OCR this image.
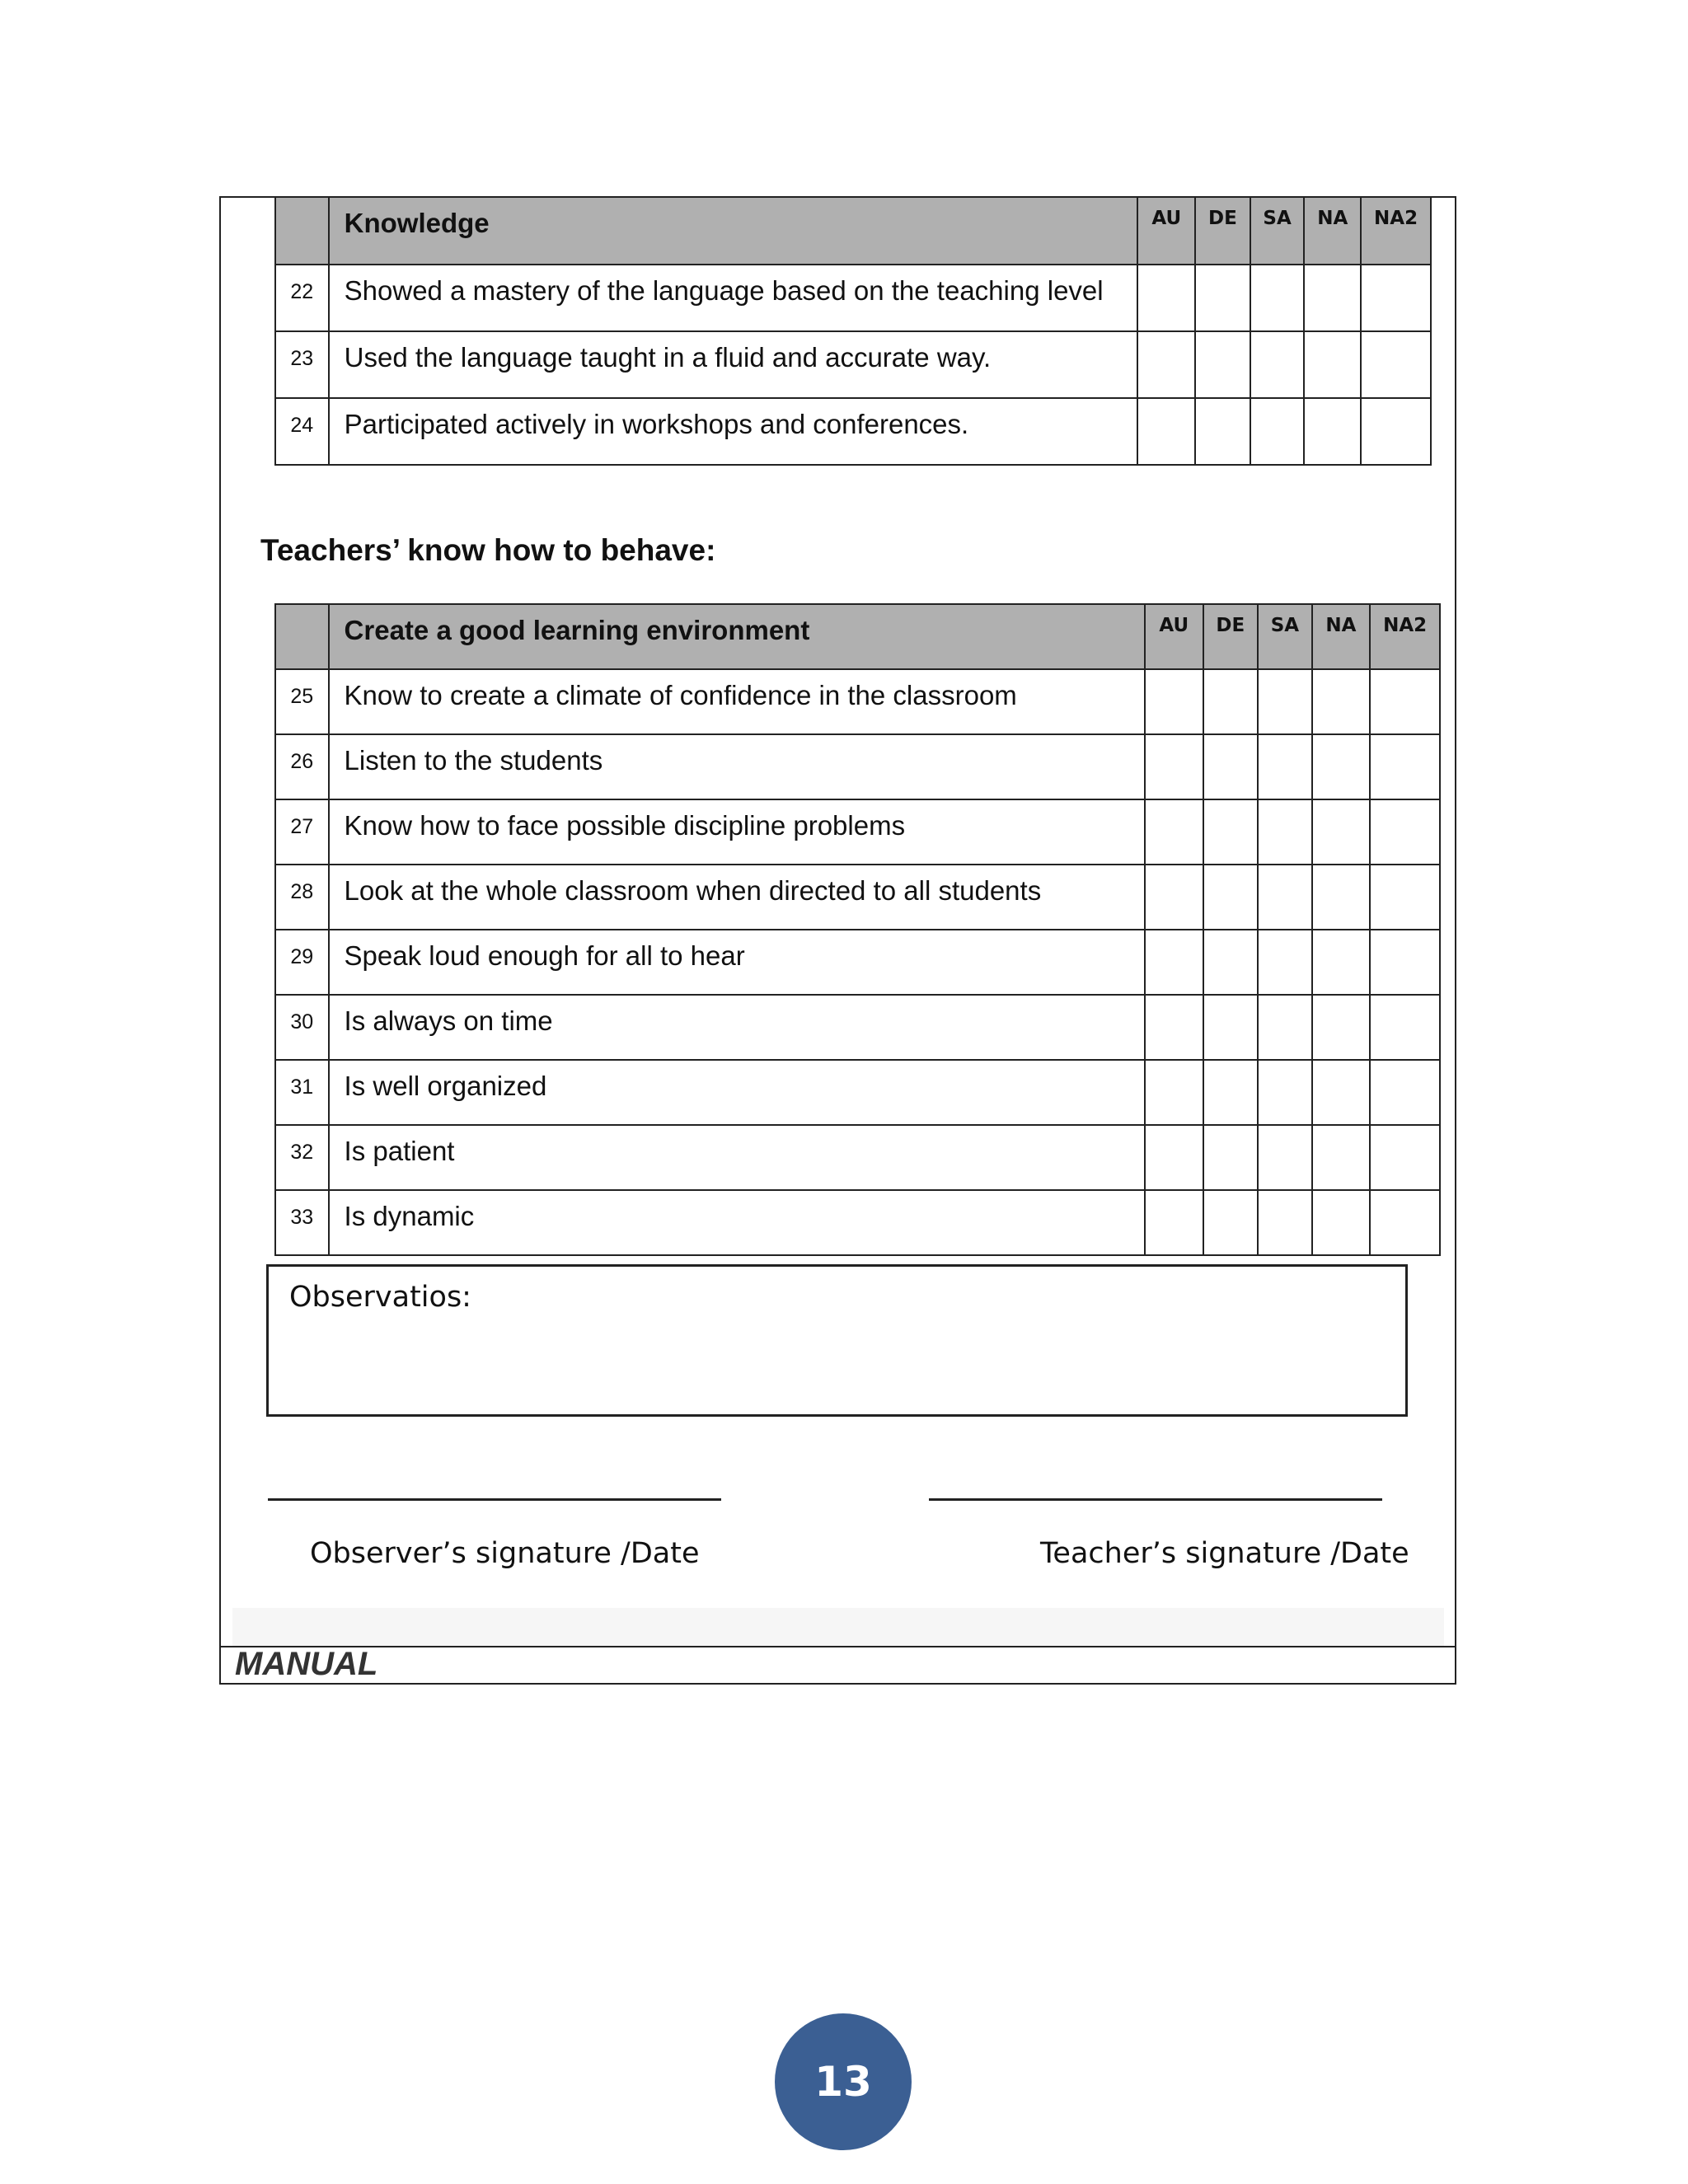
	Knowledge	AU	DE	SA	NA	NA2
22	Showed a mastery of the language based on the teaching level					
23	Used the language taught in a fluid and accurate way.					
24	Participated actively in workshops and conferences.					
Teachers’ know how to behave:
	Create a good learning environment	AU	DE	SA	NA	NA2
25	Know to create a climate of confidence in the classroom					
26	Listen to the students					
27	Know how to face possible discipline problems					
28	Look at the whole classroom when directed to all students					
29	Speak loud enough for all to hear					
30	Is always on time					
31	Is well organized					
32	Is patient					
33	Is dynamic					
Observatios:
Observer’s signature /Date	Teacher’s signature /Date
MANUAL
13
